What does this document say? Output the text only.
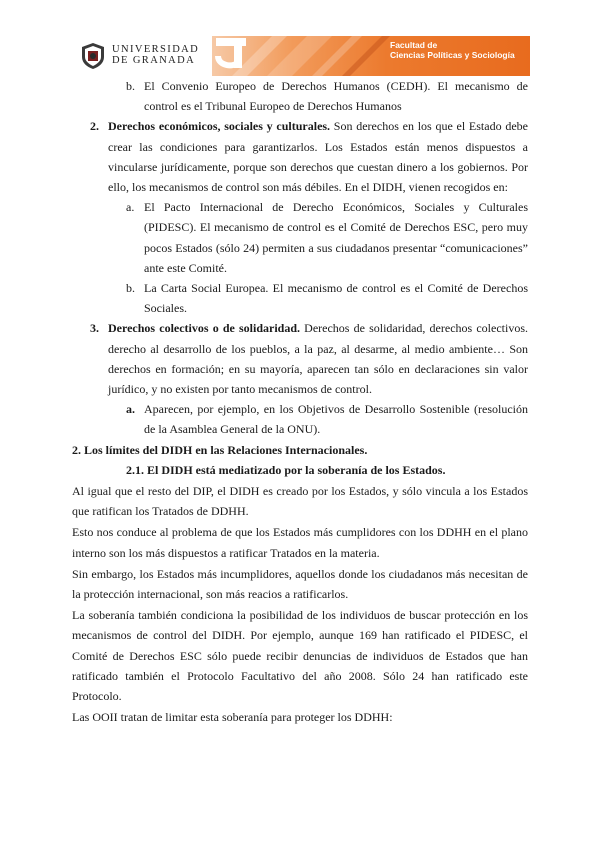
UNIVERSIDAD
DE GRANADA
Facultad de
Ciencias Políticas y Sociología

b. El Convenio Europeo de Derechos Humanos (CEDH). El mecanismo de control es el Tribunal Europeo de Derechos Humanos

2. Derechos económicos, sociales y culturales. Son derechos en los que el Estado debe crear las condiciones para garantizarlos. Los Estados están menos dispuestos a vincularse jurídicamente, porque son derechos que cuestan dinero a los gobiernos. Por ello, los mecanismos de control son más débiles. En el DIDH, vienen recogidos en:

a. El Pacto Internacional de Derecho Económicos, Sociales y Culturales (PIDESC). El mecanismo de control es el Comité de Derechos ESC, pero muy pocos Estados (sólo 24) permiten a sus ciudadanos presentar “comunicaciones” ante este Comité.

b. La Carta Social Europea. El mecanismo de control es el Comité de Derechos Sociales.

3. Derechos colectivos o de solidaridad. Derechos de solidaridad, derechos colectivos. derecho al desarrollo de los pueblos, a la paz, al desarme, al medio ambiente… Son derechos en formación; en su mayoría, aparecen tan sólo en declaraciones sin valor jurídico, y no existen por tanto mecanismos de control.

a. Aparecen, por ejemplo, en los Objetivos de Desarrollo Sostenible (resolución de la Asamblea General de la ONU).

2. Los límites del DIDH en las Relaciones Internacionales.

2.1. El DIDH está mediatizado por la soberanía de los Estados.

Al igual que el resto del DIP, el DIDH es creado por los Estados, y sólo vincula a los Estados que ratifican los Tratados de DDHH.

Esto nos conduce al problema de que los Estados más cumplidores con los DDHH en el plano interno son los más dispuestos a ratificar Tratados en la materia.

Sin embargo, los Estados más incumplidores, aquellos donde los ciudadanos más necesitan de la protección internacional, son más reacios a ratificarlos.

La soberanía también condiciona la posibilidad de los individuos de buscar protección en los mecanismos de control del DIDH. Por ejemplo, aunque 169 han ratificado el PIDESC, el Comité de Derechos ESC sólo puede recibir denuncias de individuos de Estados que han ratificado también el Protocolo Facultativo del año 2008. Sólo 24 han ratificado este Protocolo.

Las OOII tratan de limitar esta soberanía para proteger los DDHH:
